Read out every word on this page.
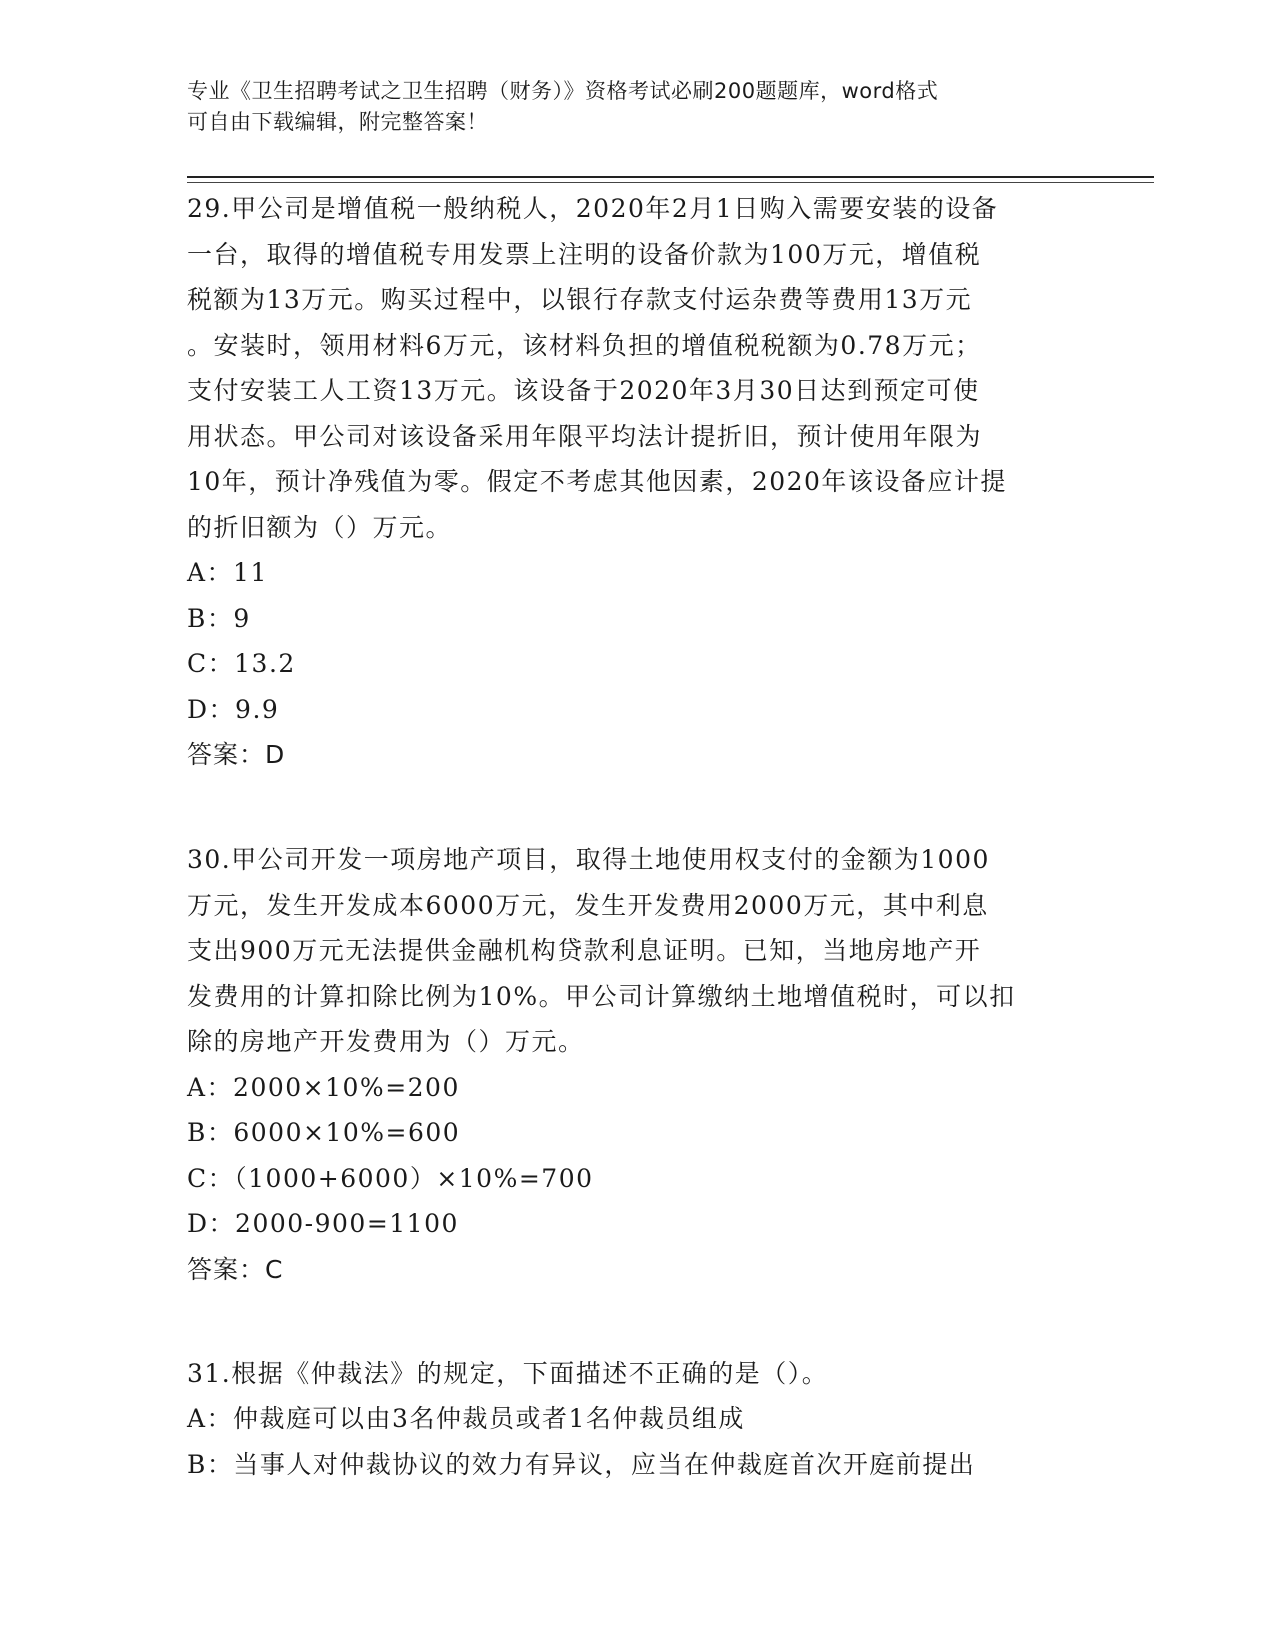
专业《卫生招聘考试之卫生招聘（财务）》资格考试必刷200题题库，word格式
可自由下载编辑，附完整答案！

29.甲公司是增值税一般纳税人，2020年2月1日购入需要安装的设备

一台，取得的增值税专用发票上注明的设备价款为100万元，增值税

税额为13万元。购买过程中，以银行存款支付运杂费等费用13万元

。安装时，领用材料6万元，该材料负担的增值税税额为0.78万元；

支付安装工人工资13万元。该设备于2020年3月30日达到预定可使

用状态。甲公司对该设备采用年限平均法计提折旧，预计使用年限为

10年，预计净残值为零。假定不考虑其他因素，2020年该设备应计提

的折旧额为（）万元。

A：11

B：9

C：13.2

D：9.9

答案：D

30.甲公司开发一项房地产项目，取得土地使用权支付的金额为1000

万元，发生开发成本6000万元，发生开发费用2000万元，其中利息

支出900万元无法提供金融机构贷款利息证明。已知，当地房地产开

发费用的计算扣除比例为10%。甲公司计算缴纳土地增值税时，可以扣

除的房地产开发费用为（）万元。

A：2000×10%=200

B：6000×10%=600

C：（1000+6000）×10%=700

D：2000-900=1100

答案：C

31.根据《仲裁法》的规定，下面描述不正确的是（）。

A：仲裁庭可以由3名仲裁员或者1名仲裁员组成

B：当事人对仲裁协议的效力有异议，应当在仲裁庭首次开庭前提出
